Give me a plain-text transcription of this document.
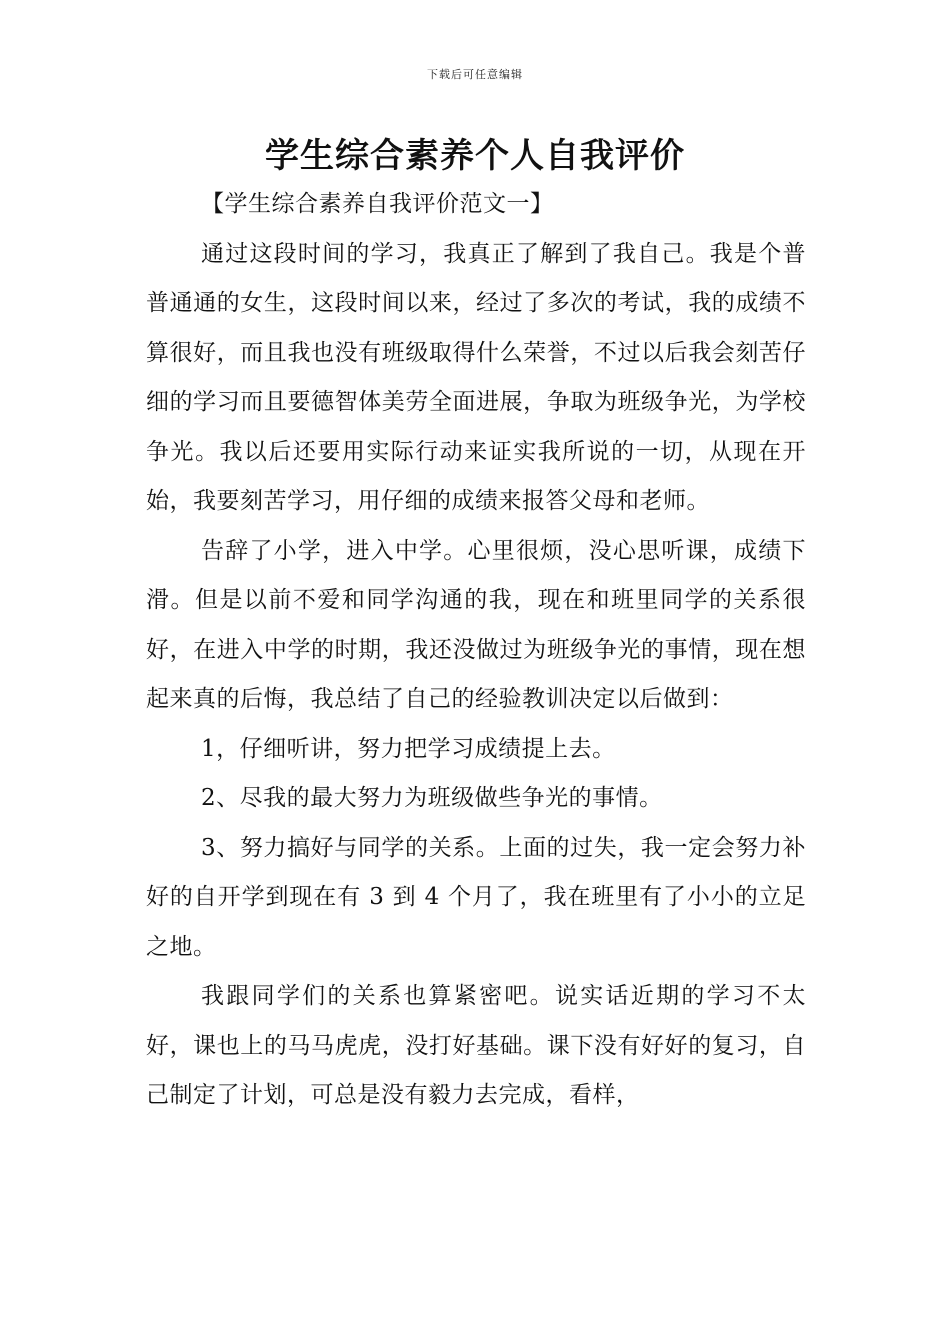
下载后可任意编辑
学生综合素养个人自我评价

【学生综合素养自我评价范文一】

通过这段时间的学习，我真正了解到了我自己。我是个普普通通的女生，这段时间以来，经过了多次的考试，我的成绩不算很好，而且我也没有班级取得什么荣誉，不过以后我会刻苦仔细的学习而且要德智体美劳全面进展，争取为班级争光，为学校争光。我以后还要用实际行动来证实我所说的一切，从现在开始，我要刻苦学习，用仔细的成绩来报答父母和老师。

告辞了小学，进入中学。心里很烦，没心思听课，成绩下滑。但是以前不爱和同学沟通的我，现在和班里同学的关系很好，在进入中学的时期，我还没做过为班级争光的事情，现在想起来真的后悔，我总结了自己的经验教训决定以后做到：

1，仔细听讲，努力把学习成绩提上去。

2、尽我的最大努力为班级做些争光的事情。

3、努力搞好与同学的关系。上面的过失，我一定会努力补好的自开学到现在有 3 到 4 个月了，我在班里有了小小的立足之地。

我跟同学们的关系也算紧密吧。说实话近期的学习不太好，课也上的马马虎虎，没打好基础。课下没有好好的复习，自己制定了计划，可总是没有毅力去完成，看样，
